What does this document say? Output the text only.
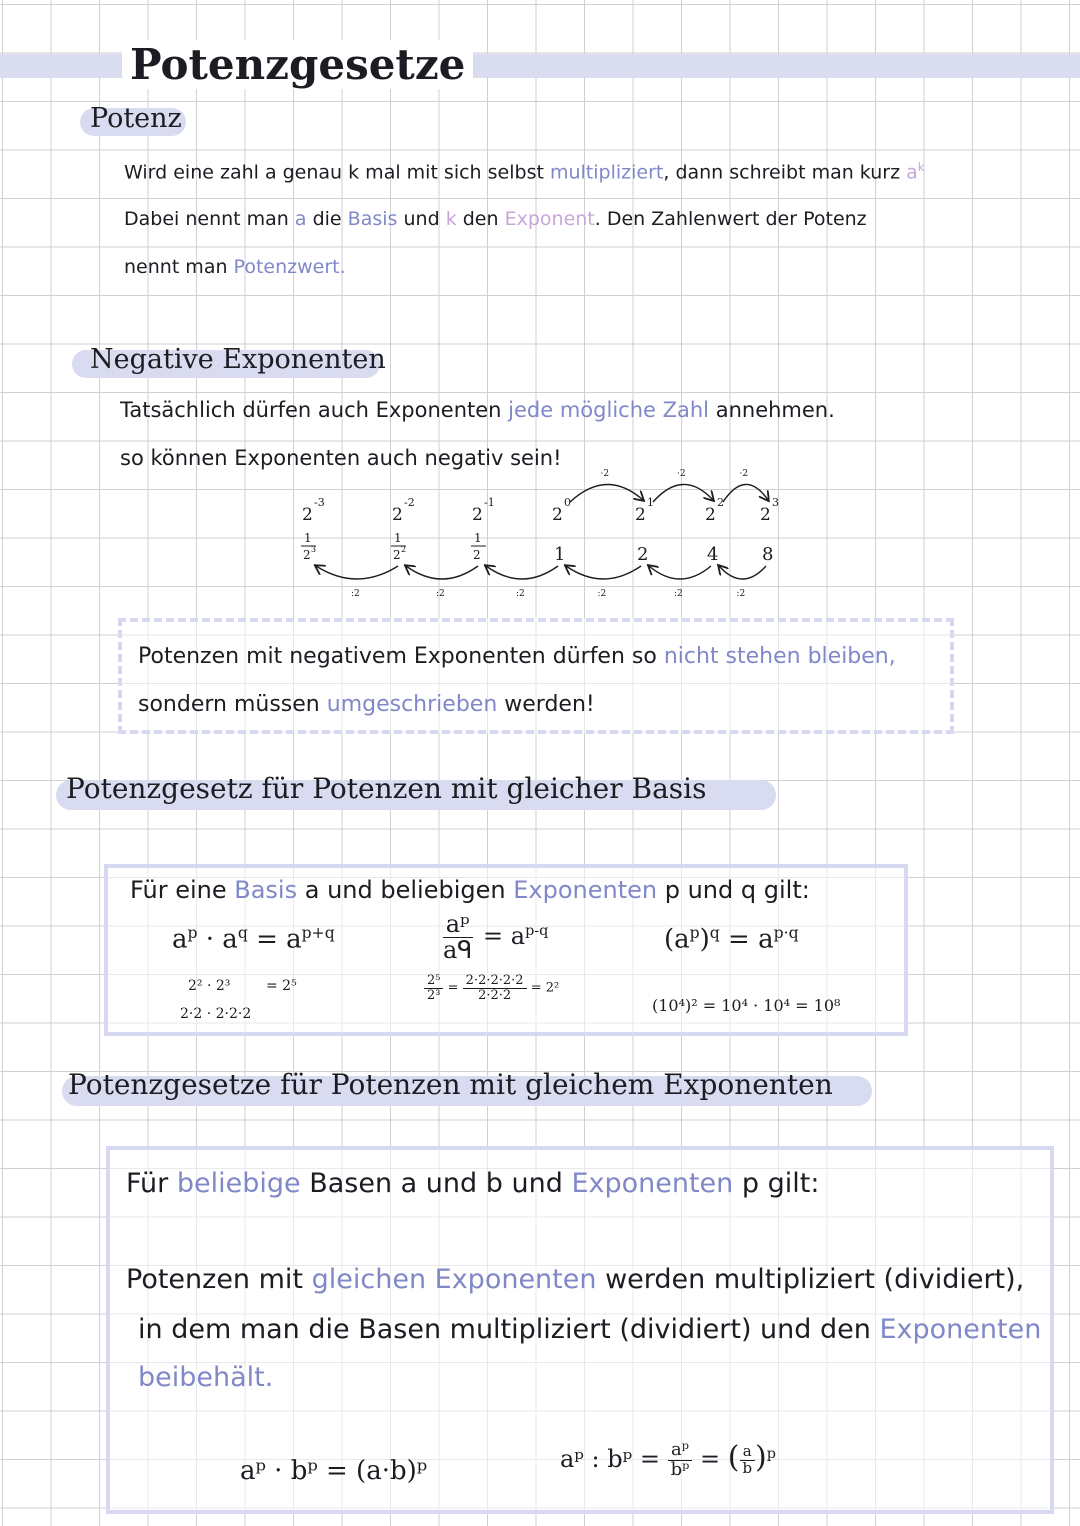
Potenzgesetze
Potenz
Wird eine zahl a genau k mal mit sich selbst multipliziert, dann schreibt man kurz $a^k$
Dabei nennt man a die Basis und k den Exponent. Den Zahlenwert der Potenz
nennt man Potenzwert.
Negative Exponenten
Tatsächlich dürfen auch Exponenten jede mögliche Zahl annehmen.
so können Exponenten auch negativ sein!
2
-3
2
-2
2
-1
2
0
2
1
2
2
2
3
1
2 3
1
2 2
1
2	1	2	4 8
:2	:2	:2	:2	:2	:2
·2	·2	·2
Potenzen mit negativem Exponenten dürfen so nicht stehen bleiben,
sondern müssen umgeschrieben werden!
Potenzgesetz für Potenzen mit gleicher Basis
Für eine Basis a und beliebigen Exponenten p und q gilt:
$a^p \cdot a^q = a^{p+q}$
2² · 2³	= 2⁵
2·2 · 2·2·2
$\frac{\text{aᵖ}}{\text{aᑫ}} = a^{p-q}$
$\frac{\text{2⁵}}{\text{2³}} = \frac{2\cdot 2\cdot 2\cdot 2\cdot 2}{2\cdot 2\cdot 2} = 2^2$
$(a^p)^q = a^{p\cdot q}$
(10⁴)² = 10⁴ · 10⁴ = 10⁸
Potenzgesetze für Potenzen mit gleichem Exponenten
Für beliebige Basen a und b und Exponenten p gilt:
Potenzen mit gleichen Exponenten werden multipliziert (dividiert),
in dem man die Basen multipliziert (dividiert) und den Exponenten
beibehält.
aᵖ · bᵖ = (a·b)ᵖ	aᵖ : bᵖ = $\frac{\text{aᵖ}}{\text{bᵖ}}$ = ( $\frac{a}{b} )^p$
